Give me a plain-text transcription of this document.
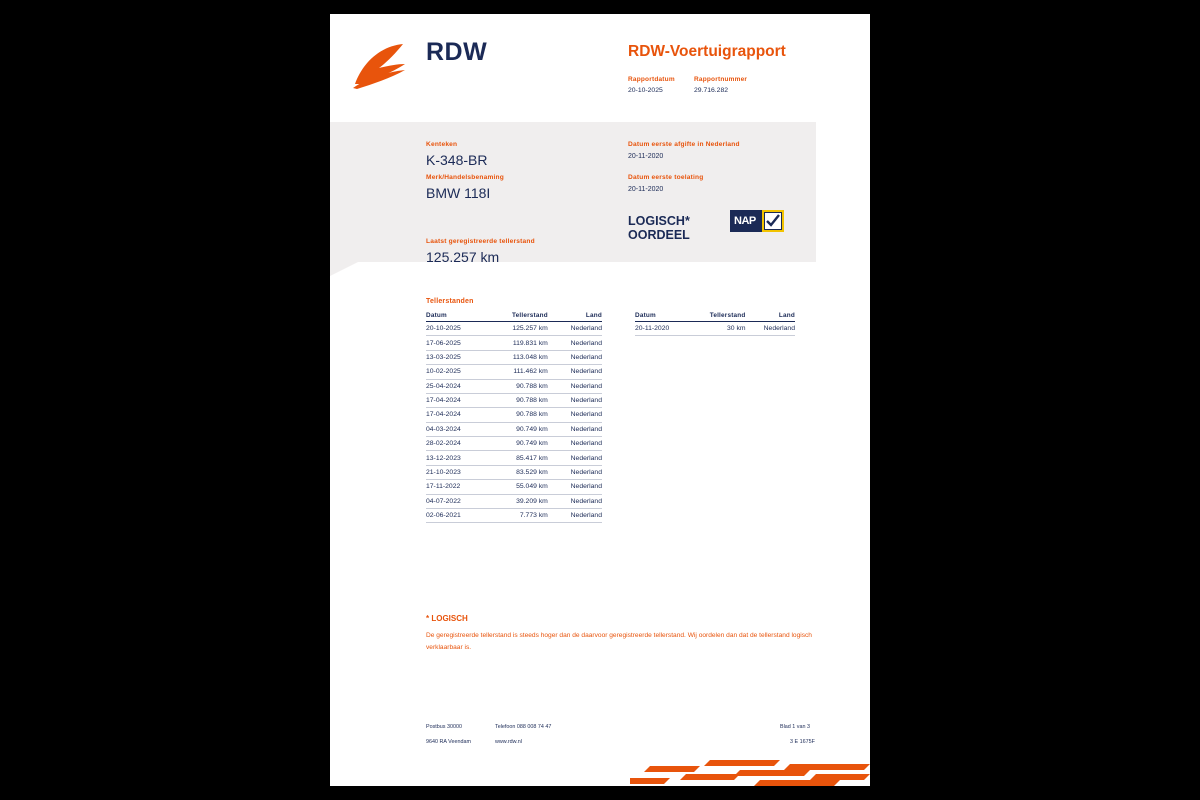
RDW	RDW-Voertuigrapport
Rapportdatum
20-10-2025
Rapportnummer
29.716.282
Kenteken
K-348-BR
Merk/Handelsbenaming
BMW 118I
Laatst geregistreerde tellerstand
125.257 km
Datum eerste afgifte in Nederland
20-11-2020
Datum eerste toelating
20-11-2020
LOGISCH*
OORDEEL
NAP
Tellerstanden
Datum	Tellerstand	Land
20-10-2025	125.257 km	Nederland
17-06-2025	119.831 km	Nederland
13-03-2025	113.048 km	Nederland
10-02-2025	111.462 km	Nederland
25-04-2024	90.788 km	Nederland
17-04-2024	90.788 km	Nederland
17-04-2024	90.788 km	Nederland
04-03-2024	90.749 km	Nederland
28-02-2024	90.749 km	Nederland
13-12-2023	85.417 km	Nederland
21-10-2023	83.529 km	Nederland
17-11-2022	55.049 km	Nederland
04-07-2022	39.209 km	Nederland
02-06-2021	7.773 km	Nederland
Datum	Tellerstand	Land
20-11-2020	30 km	Nederland
* LOGISCH
De geregistreerde tellerstand is steeds hoger dan de daarvoor geregistreerde tellerstand. Wij oordelen dan dat de tellerstand logisch verklaarbaar is.
Postbus 30000
9640 RA Veendam
Telefoon 088 008 74 47
www.rdw.nl
Blad 1 van 3
3 E 1675F
